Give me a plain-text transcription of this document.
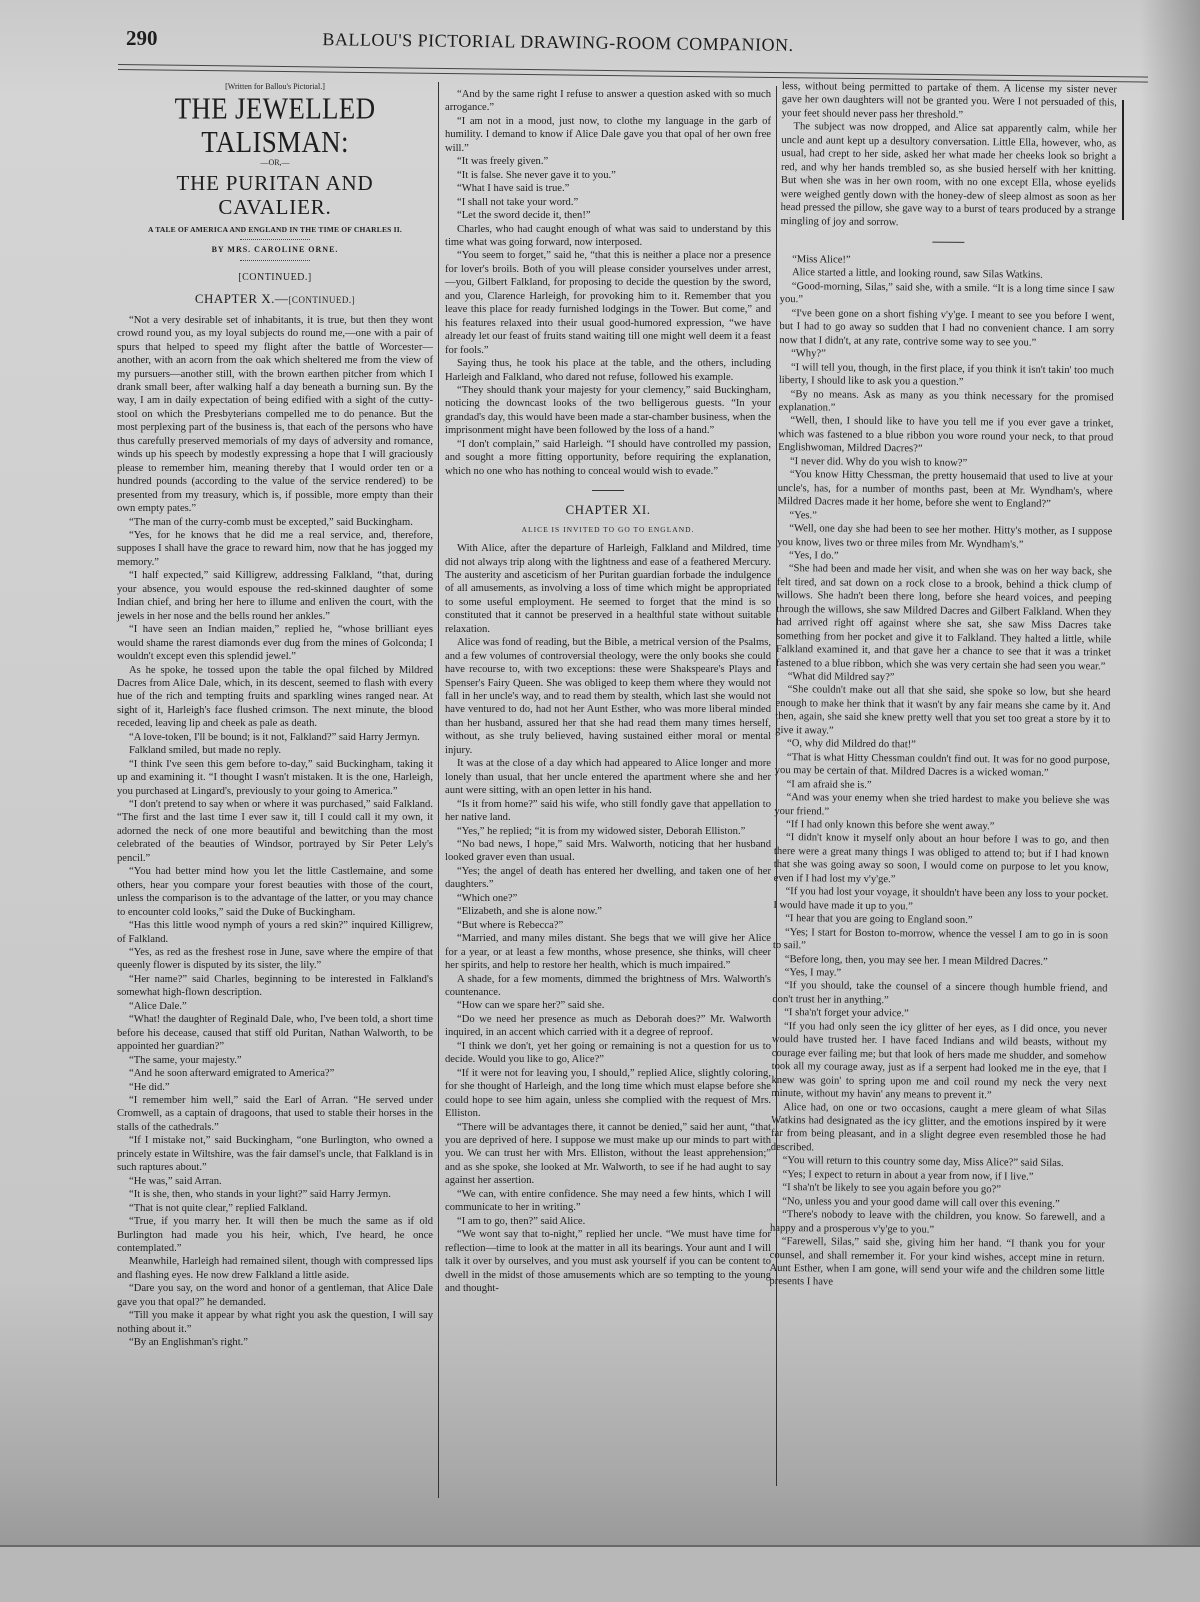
290	BALLOU'S PICTORIAL DRAWING-ROOM COMPANION.
[Written for Ballou's Pictorial.]
THE JEWELLED TALISMAN:
—OR,—
THE PURITAN AND CAVALIER.
A TALE OF AMERICA AND ENGLAND IN THE TIME OF CHARLES II.
BY MRS. CAROLINE ORNE.
[CONTINUED.]
CHAPTER X.—[CONTINUED.]

“Not a very desirable set of inhabitants, it is true, but then they wont crowd round you, as my loyal subjects do round me,—one with a pair of spurs that helped to speed my flight after the battle of Worcester—another, with an acorn from the oak which sheltered me from the view of my pursuers—another still, with the brown earthen pitcher from which I drank small beer, after walking half a day beneath a burning sun. By the way, I am in daily expectation of being edified with a sight of the cutty-stool on which the Presbyterians compelled me to do penance. But the most perplexing part of the business is, that each of the persons who have thus carefully preserved memorials of my days of adversity and romance, winds up his speech by modestly expressing a hope that I will graciously please to remember him, meaning thereby that I would order ten or a hundred pounds (according to the value of the service rendered) to be presented from my treasury, which is, if possible, more empty than their own empty pates.”

“The man of the curry-comb must be excepted,” said Buckingham.

“Yes, for he knows that he did me a real service, and, therefore, supposes I shall have the grace to reward him, now that he has jogged my memory.”

“I half expected,” said Killigrew, addressing Falkland, “that, during your absence, you would espouse the red-skinned daughter of some Indian chief, and bring her here to illume and enliven the court, with the jewels in her nose and the bells round her ankles.”

“I have seen an Indian maiden,” replied he, “whose brilliant eyes would shame the rarest diamonds ever dug from the mines of Golconda; I wouldn't except even this splendid jewel.”

As he spoke, he tossed upon the table the opal filched by Mildred Dacres from Alice Dale, which, in its descent, seemed to flash with every hue of the rich and tempting fruits and sparkling wines ranged near. At sight of it, Harleigh's face flushed crimson. The next minute, the blood receded, leaving lip and cheek as pale as death.

“A love-token, I'll be bound; is it not, Falkland?” said Harry Jermyn.

Falkland smiled, but made no reply.

“I think I've seen this gem before to-day,” said Buckingham, taking it up and examining it. “I thought I wasn't mistaken. It is the one, Harleigh, you purchased at Lingard's, previously to your going to America.”

“I don't pretend to say when or where it was purchased,” said Falkland. “The first and the last time I ever saw it, till I could call it my own, it adorned the neck of one more beautiful and bewitching than the most celebrated of the beauties of Windsor, portrayed by Sir Peter Lely's pencil.”

“You had better mind how you let the little Castlemaine, and some others, hear you compare your forest beauties with those of the court, unless the comparison is to the advantage of the latter, or you may chance to encounter cold looks,” said the Duke of Buckingham.

“Has this little wood nymph of yours a red skin?” inquired Killigrew, of Falkland.

“Yes, as red as the freshest rose in June, save where the empire of that queenly flower is disputed by its sister, the lily.”

“Her name?” said Charles, beginning to be interested in Falkland's somewhat high-flown description.

“Alice Dale.”

“What! the daughter of Reginald Dale, who, I've been told, a short time before his decease, caused that stiff old Puritan, Nathan Walworth, to be appointed her guardian?”

“The same, your majesty.”

“And he soon afterward emigrated to America?”

“He did.”

“I remember him well,” said the Earl of Arran. “He served under Cromwell, as a captain of dragoons, that used to stable their horses in the stalls of the cathedrals.”

“If I mistake not,” said Buckingham, “one Burlington, who owned a princely estate in Wiltshire, was the fair damsel's uncle, that Falkland is in such raptures about.”

“He was,” said Arran.

“It is she, then, who stands in your light?” said Harry Jermyn.

“That is not quite clear,” replied Falkland.

“True, if you marry her. It will then be much the same as if old Burlington had made you his heir, which, I've heard, he once contemplated.”

Meanwhile, Harleigh had remained silent, though with compressed lips and flashing eyes. He now drew Falkland a little aside.

“Dare you say, on the word and honor of a gentleman, that Alice Dale gave you that opal?” he demanded.

“Till you make it appear by what right you ask the question, I will say nothing about it.”

“By an Englishman's right.”

“And by the same right I refuse to answer a question asked with so much arrogance.”

“I am not in a mood, just now, to clothe my language in the garb of humility. I demand to know if Alice Dale gave you that opal of her own free will.”

“It was freely given.”

“It is false. She never gave it to you.”

“What I have said is true.”

“I shall not take your word.”

“Let the sword decide it, then!”

Charles, who had caught enough of what was said to understand by this time what was going forward, now interposed.

“You seem to forget,” said he, “that this is neither a place nor a presence for lover's broils. Both of you will please consider yourselves under arrest,—you, Gilbert Falkland, for proposing to decide the question by the sword, and you, Clarence Harleigh, for provoking him to it. Remember that you leave this place for ready furnished lodgings in the Tower. But come,” and his features relaxed into their usual good-humored expression, “we have already let our feast of fruits stand waiting till one might well deem it a feast for fools.”

Saying thus, he took his place at the table, and the others, including Harleigh and Falkland, who dared not refuse, followed his example.

“They should thank your majesty for your clemency,” said Buckingham, noticing the downcast looks of the two belligerous guests. “In your grandad's day, this would have been made a star-chamber business, when the imprisonment might have been followed by the loss of a hand.”

“I don't complain,” said Harleigh. “I should have controlled my passion, and sought a more fitting opportunity, before requiring the explanation, which no one who has nothing to conceal would wish to evade.”

CHAPTER XI.
ALICE IS INVITED TO GO TO ENGLAND.

With Alice, after the departure of Harleigh, Falkland and Mildred, time did not always trip along with the lightness and ease of a feathered Mercury. The austerity and asceticism of her Puritan guardian forbade the indulgence of all amusements, as involving a loss of time which might be appropriated to some useful employment. He seemed to forget that the mind is so constituted that it cannot be preserved in a healthful state without suitable relaxation.

Alice was fond of reading, but the Bible, a metrical version of the Psalms, and a few volumes of controversial theology, were the only books she could have recourse to, with two exceptions: these were Shakspeare's Plays and Spenser's Fairy Queen. She was obliged to keep them where they would not fall in her uncle's way, and to read them by stealth, which last she would not have ventured to do, had not her Aunt Esther, who was more liberal minded than her husband, assured her that she had read them many times herself, without, as she truly believed, having sustained either moral or mental injury.

It was at the close of a day which had appeared to Alice longer and more lonely than usual, that her uncle entered the apartment where she and her aunt were sitting, with an open letter in his hand.

“Is it from home?” said his wife, who still fondly gave that appellation to her native land.

“Yes,” he replied; “it is from my widowed sister, Deborah Elliston.”

“No bad news, I hope,” said Mrs. Walworth, noticing that her husband looked graver even than usual.

“Yes; the angel of death has entered her dwelling, and taken one of her daughters.”

“Which one?”

“Elizabeth, and she is alone now.”

“But where is Rebecca?”

“Married, and many miles distant. She begs that we will give her Alice for a year, or at least a few months, whose presence, she thinks, will cheer her spirits, and help to restore her health, which is much impaired.”

A shade, for a few moments, dimmed the brightness of Mrs. Walworth's countenance.

“How can we spare her?” said she.

“Do we need her presence as much as Deborah does?” Mr. Walworth inquired, in an accent which carried with it a degree of reproof.

“I think we don't, yet her going or remaining is not a question for us to decide. Would you like to go, Alice?”

“If it were not for leaving you, I should,” replied Alice, slightly coloring, for she thought of Harleigh, and the long time which must elapse before she could hope to see him again, unless she complied with the request of Mrs. Elliston.

“There will be advantages there, it cannot be denied,” said her aunt, “that you are deprived of here. I suppose we must make up our minds to part with you. We can trust her with Mrs. Elliston, without the least apprehension;” and as she spoke, she looked at Mr. Walworth, to see if he had aught to say against her assertion.

“We can, with entire confidence. She may need a few hints, which I will communicate to her in writing.”

“I am to go, then?” said Alice.

“We wont say that to-night,” replied her uncle. “We must have time for reflection—time to look at the matter in all its bearings. Your aunt and I will talk it over by ourselves, and you must ask yourself if you can be content to dwell in the midst of those amusements which are so tempting to the young and thought-

less, without being permitted to partake of them. A license my sister never gave her own daughters will not be granted you. Were I not persuaded of this, your feet should never pass her threshold.”

The subject was now dropped, and Alice sat apparently calm, while her uncle and aunt kept up a desultory conversation. Little Ella, however, who, as usual, had crept to her side, asked her what made her cheeks look so bright a red, and why her hands trembled so, as she busied herself with her knitting. But when she was in her own room, with no one except Ella, whose eyelids were weighed gently down with the honey-dew of sleep almost as soon as her head pressed the pillow, she gave way to a burst of tears produced by a strange mingling of joy and sorrow.

“Miss Alice!”

Alice started a little, and looking round, saw Silas Watkins.

“Good-morning, Silas,” said she, with a smile. “It is a long time since I saw you.”

“I've been gone on a short fishing v'y'ge. I meant to see you before I went, but I had to go away so sudden that I had no convenient chance. I am sorry now that I didn't, at any rate, contrive some way to see you.”

“Why?”

“I will tell you, though, in the first place, if you think it isn't takin' too much liberty, I should like to ask you a question.”

“By no means. Ask as many as you think necessary for the promised explanation.”

“Well, then, I should like to have you tell me if you ever gave a trinket, which was fastened to a blue ribbon you wore round your neck, to that proud Englishwoman, Mildred Dacres?”

“I never did. Why do you wish to know?”

“You know Hitty Chessman, the pretty housemaid that used to live at your uncle's, has, for a number of months past, been at Mr. Wyndham's, where Mildred Dacres made it her home, before she went to England?”

“Yes.”

“Well, one day she had been to see her mother. Hitty's mother, as I suppose you know, lives two or three miles from Mr. Wyndham's.”

“Yes, I do.”

“She had been and made her visit, and when she was on her way back, she felt tired, and sat down on a rock close to a brook, behind a thick clump of willows. She hadn't been there long, before she heard voices, and peeping through the willows, she saw Mildred Dacres and Gilbert Falkland. When they had arrived right off against where she sat, she saw Miss Dacres take something from her pocket and give it to Falkland. They halted a little, while Falkland examined it, and that gave her a chance to see that it was a trinket fastened to a blue ribbon, which she was very certain she had seen you wear.”

“What did Mildred say?”

“She couldn't make out all that she said, she spoke so low, but she heard enough to make her think that it wasn't by any fair means she came by it. And then, again, she said she knew pretty well that you set too great a store by it to give it away.”

“O, why did Mildred do that!”

“That is what Hitty Chessman couldn't find out. It was for no good purpose, you may be certain of that. Mildred Dacres is a wicked woman.”

“I am afraid she is.”

“And was your enemy when she tried hardest to make you believe she was your friend.”

“If I had only known this before she went away.”

“I didn't know it myself only about an hour before I was to go, and then there were a great many things I was obliged to attend to; but if I had known that she was going away so soon, I would come on purpose to let you know, even if I had lost my v'y'ge.”

“If you had lost your voyage, it shouldn't have been any loss to your pocket. I would have made it up to you.”

“I hear that you are going to England soon.”

“Yes; I start for Boston to-morrow, whence the vessel I am to go in is soon to sail.”

“Before long, then, you may see her. I mean Mildred Dacres.”

“Yes, I may.”

“If you should, take the counsel of a sincere though humble friend, and don't trust her in anything.”

“I sha'n't forget your advice.”

“If you had only seen the icy glitter of her eyes, as I did once, you never would have trusted her. I have faced Indians and wild beasts, without my courage ever failing me; but that look of hers made me shudder, and somehow took all my courage away, just as if a serpent had looked me in the eye, that I knew was goin' to spring upon me and coil round my neck the very next minute, without my havin' any means to prevent it.”

Alice had, on one or two occasions, caught a mere gleam of what Silas Watkins had designated as the icy glitter, and the emotions inspired by it were far from being pleasant, and in a slight degree even resembled those he had described.

“You will return to this country some day, Miss Alice?” said Silas.

“Yes; I expect to return in about a year from now, if I live.”

“I sha'n't be likely to see you again before you go?”

“No, unless you and your good dame will call over this evening.”

“There's nobody to leave with the children, you know. So farewell, and a happy and a prosperous v'y'ge to you.”

“Farewell, Silas,” said she, giving him her hand. “I thank you for your counsel, and shall remember it. For your kind wishes, accept mine in return. Aunt Esther, when I am gone, will send your wife and the children some little presents I have
